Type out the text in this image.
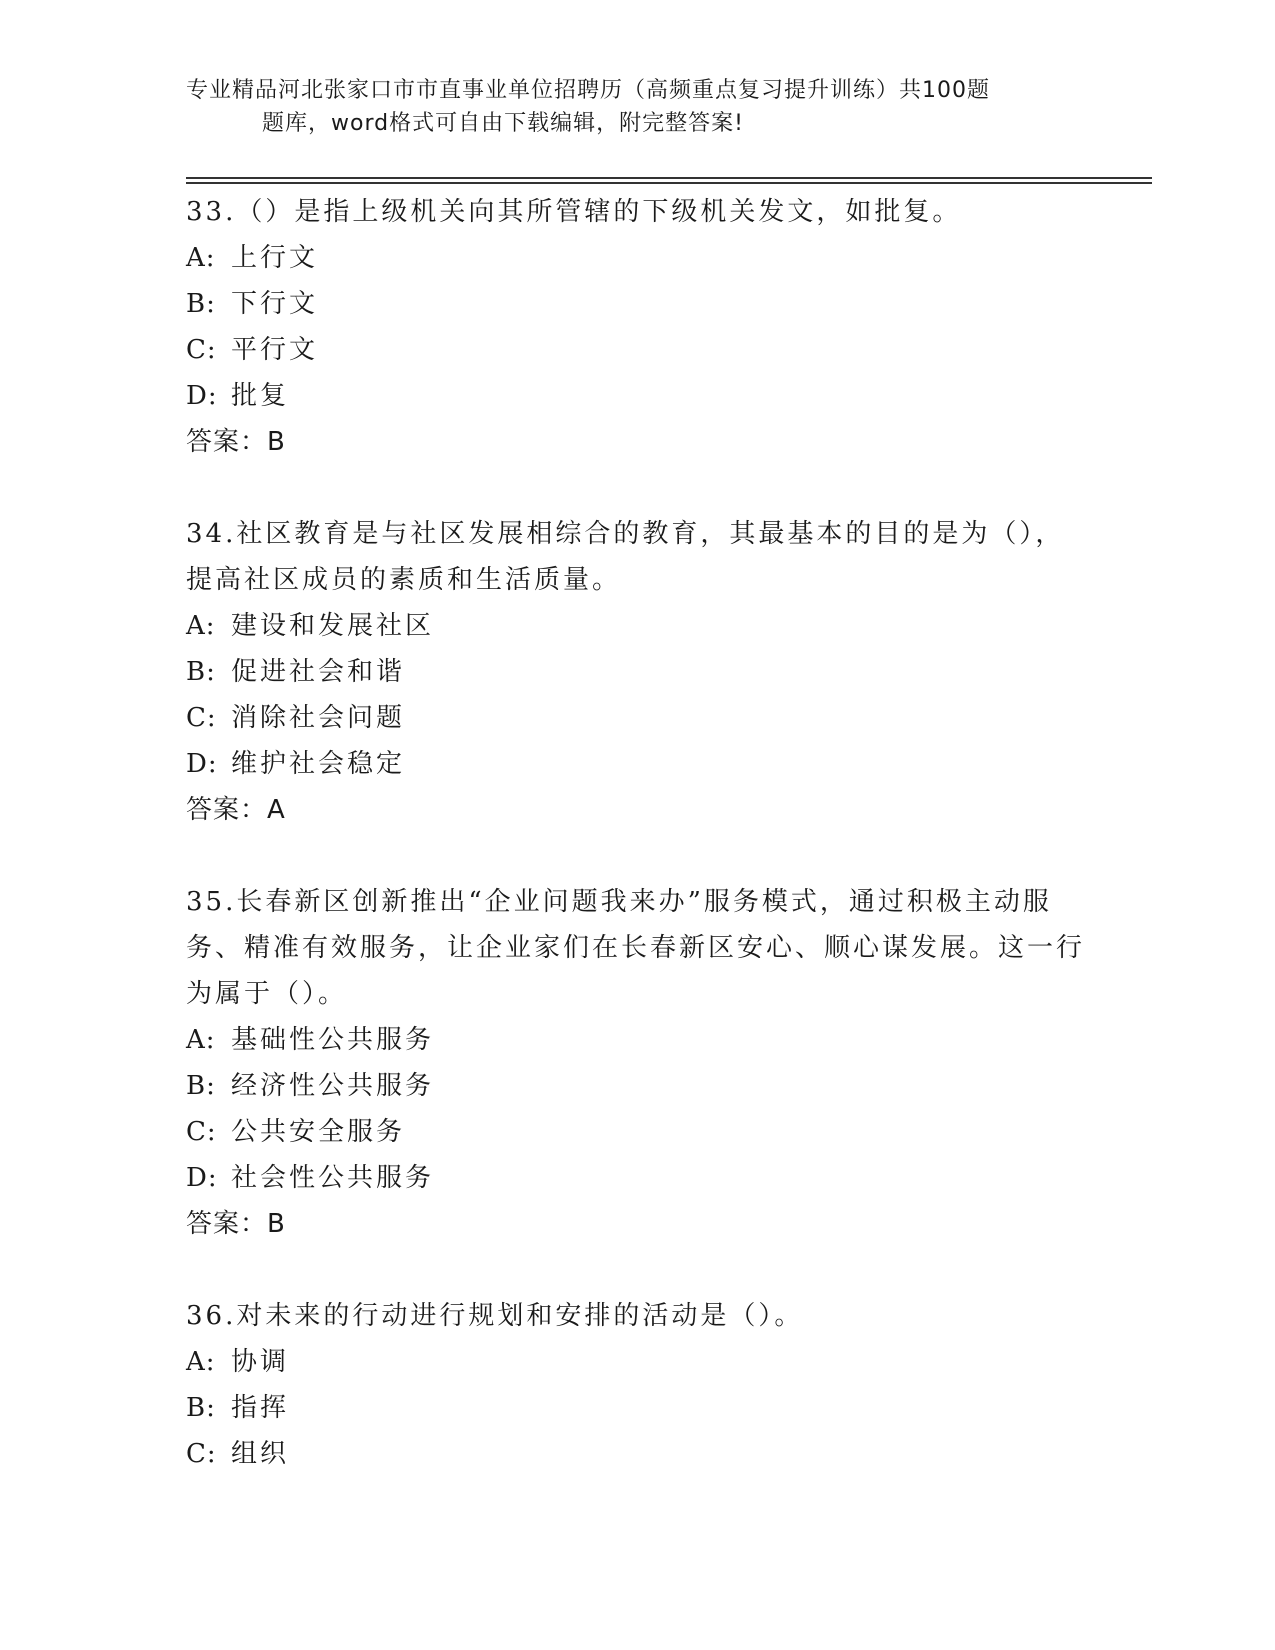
专业精品河北张家口市市直事业单位招聘历（高频重点复习提升训练）共100题
题库，word格式可自由下载编辑，附完整答案!

33.（）是指上级机关向其所管辖的下级机关发文，如批复。

A: 上行文
B: 下行文
C: 平行文
D: 批复
答案：B

34.社区教育是与社区发展相综合的教育，其最基本的目的是为（），提高社区成员的素质和生活质量。

A: 建设和发展社区
B: 促进社会和谐
C: 消除社会问题
D: 维护社会稳定
答案：A

35.长春新区创新推出“企业问题我来办”服务模式，通过积极主动服务、精准有效服务，让企业家们在长春新区安心、顺心谋发展。这一行为属于（）。

A: 基础性公共服务
B: 经济性公共服务
C: 公共安全服务
D: 社会性公共服务
答案：B

36.对未来的行动进行规划和安排的活动是（）。

A: 协调
B: 指挥
C: 组织
